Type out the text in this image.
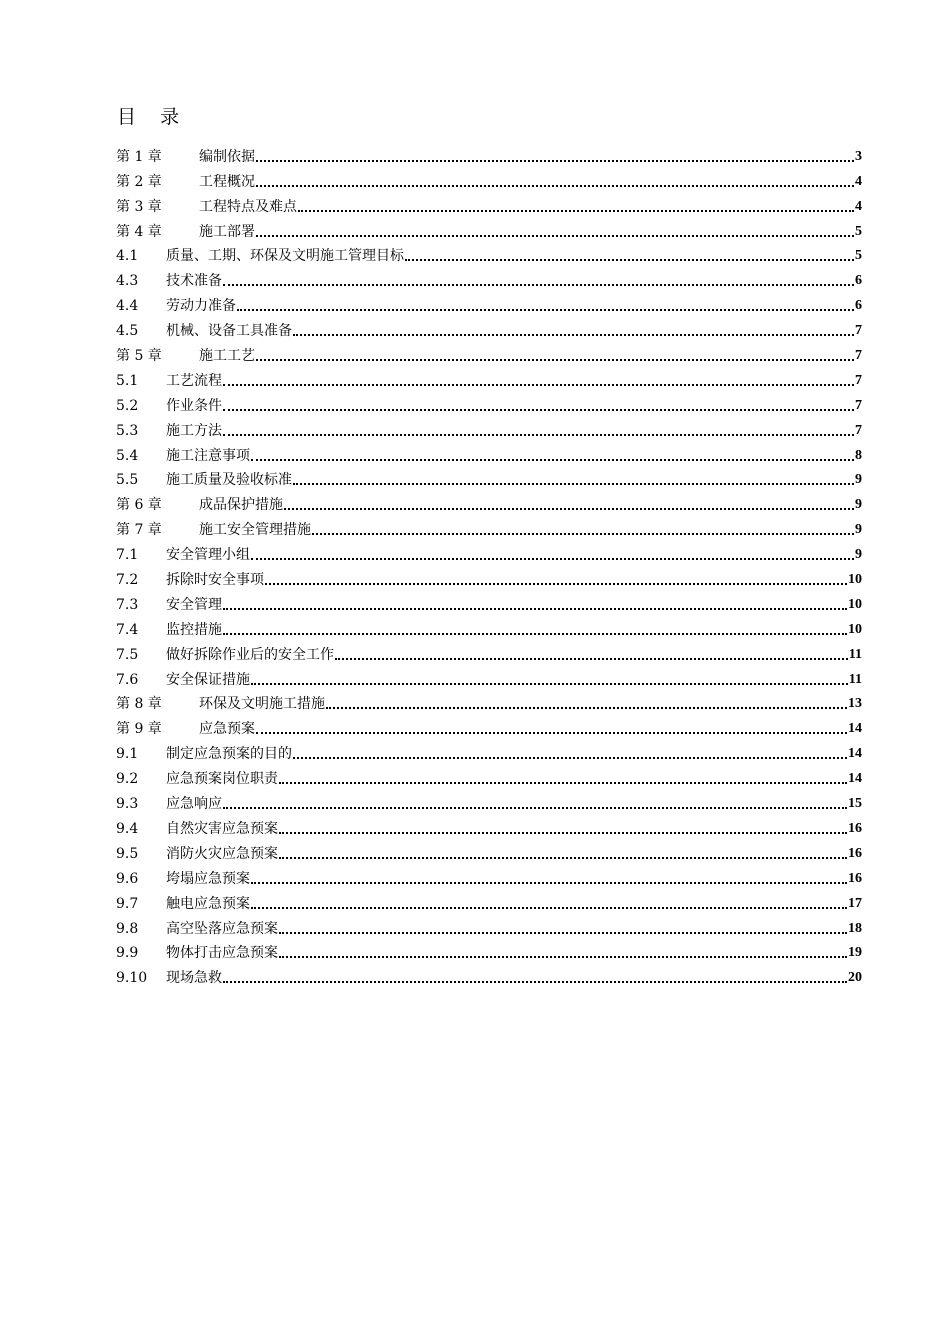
目    录
第 1 章	编制依据	3
第 2 章	工程概况	4
第 3 章	工程特点及难点	4
第 4 章	施工部署	5
4.1	质量、工期、环保及文明施工管理目标	5
4.3	技术准备	6
4.4	劳动力准备	6
4.5	机械、设备工具准备	7
第 5 章	施工工艺	7
5.1	工艺流程	7
5.2	作业条件	7
5.3	施工方法	7
5.4	施工注意事项	8
5.5	施工质量及验收标准	9
第 6 章	成品保护措施	9
第 7 章	施工安全管理措施	9
7.1	安全管理小组	9
7.2	拆除时安全事项	10
7.3	安全管理	10
7.4	监控措施	10
7.5	做好拆除作业后的安全工作	11
7.6	安全保证措施	11
第 8 章	环保及文明施工措施	13
第 9 章	应急预案	14
9.1	制定应急预案的目的	14
9.2	应急预案岗位职责	14
9.3	应急响应	15
9.4	自然灾害应急预案	16
9.5	消防火灾应急预案	16
9.6	垮塌应急预案	16
9.7	触电应急预案	17
9.8	高空坠落应急预案	18
9.9	物体打击应急预案	19
9.10	现场急救	20
